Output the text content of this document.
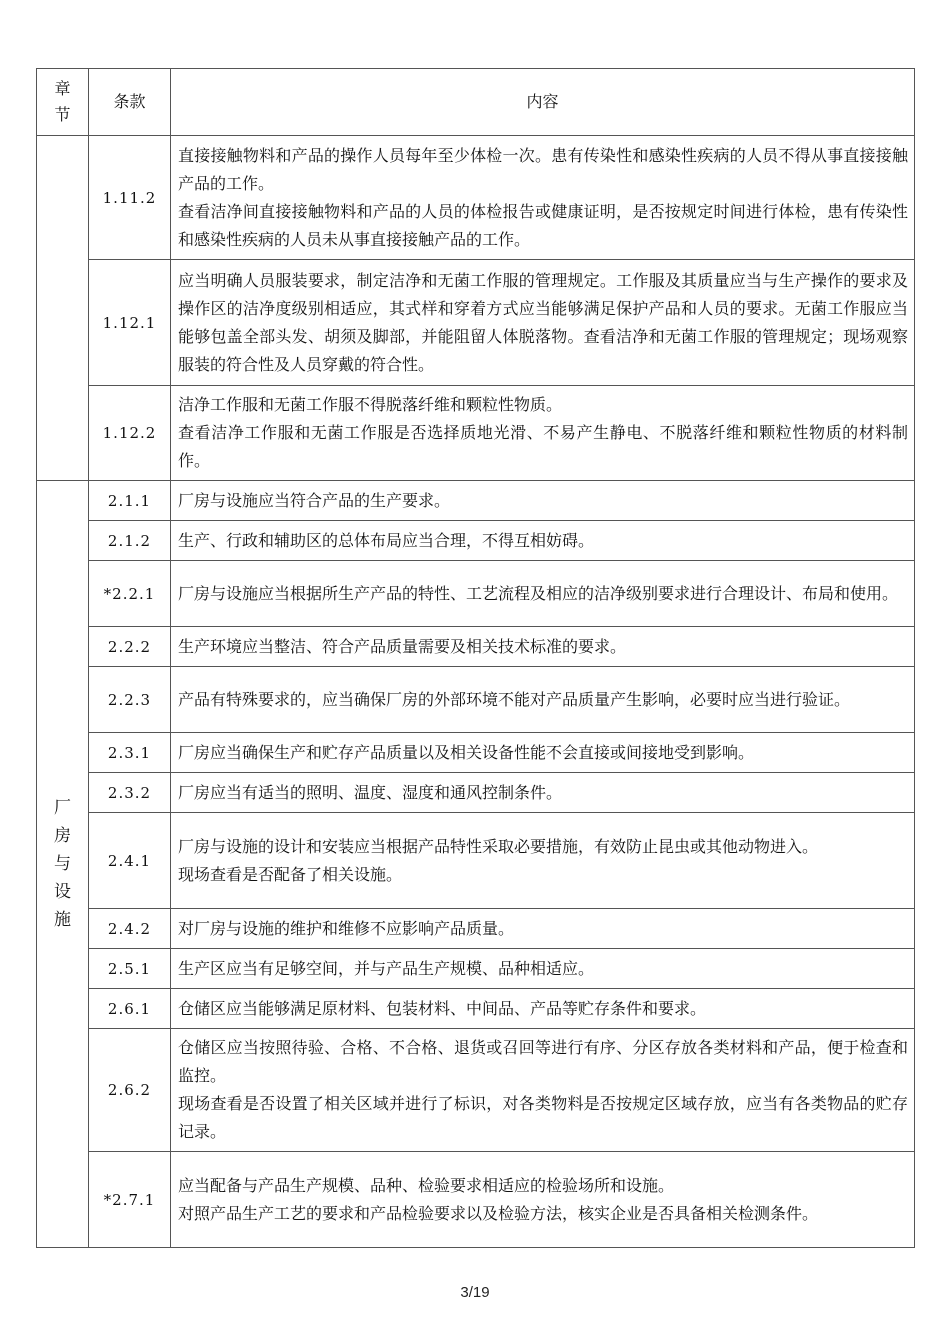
章
节	条款	内容
	1.11.2	直接接触物料和产品的操作人员每年至少体检一次。患有传染性和感染性疾病的人员不得从事直接接触产品的工作。

查看洁净间直接接触物料和产品的人员的体检报告或健康证明，是否按规定时间进行体检，患有传染性和感染性疾病的人员未从事直接接触产品的工作。

	1.12.1	应当明确人员服装要求，制定洁净和无菌工作服的管理规定。工作服及其质量应当与生产操作的要求及操作区的洁净度级别相适应，其式样和穿着方式应当能够满足保护产品和人员的要求。无菌工作服应当能够包盖全部头发、胡须及脚部，并能阻留人体脱落物。查看洁净和无菌工作服的管理规定；现场观察服装的符合性及人员穿戴的符合性。

	1.12.2	洁净工作服和无菌工作服不得脱落纤维和颗粒性物质。

查看洁净工作服和无菌工作服是否选择质地光滑、不易产生静电、不脱落纤维和颗粒性物质的材料制作。

厂
房
与
设
施	2.1.1	厂房与设施应当符合产品的生产要求。

	2.1.2	生产、行政和辅助区的总体布局应当合理，不得互相妨碍。

	*2.2.1	厂房与设施应当根据所生产产品的特性、工艺流程及相应的洁净级别要求进行合理设计、布局和使用。

	2.2.2	生产环境应当整洁、符合产品质量需要及相关技术标准的要求。

	2.2.3	产品有特殊要求的，应当确保厂房的外部环境不能对产品质量产生影响，必要时应当进行验证。

	2.3.1	厂房应当确保生产和贮存产品质量以及相关设备性能不会直接或间接地受到影响。

	2.3.2	厂房应当有适当的照明、温度、湿度和通风控制条件。

	2.4.1	厂房与设施的设计和安装应当根据产品特性采取必要措施，有效防止昆虫或其他动物进入。

现场查看是否配备了相关设施。

	2.4.2	对厂房与设施的维护和维修不应影响产品质量。

	2.5.1	生产区应当有足够空间，并与产品生产规模、品种相适应。

	2.6.1	仓储区应当能够满足原材料、包装材料、中间品、产品等贮存条件和要求。

	2.6.2	仓储区应当按照待验、合格、不合格、退货或召回等进行有序、分区存放各类材料和产品，便于检查和监控。

现场查看是否设置了相关区域并进行了标识，对各类物料是否按规定区域存放，应当有各类物品的贮存记录。

	*2.7.1	应当配备与产品生产规模、品种、检验要求相适应的检验场所和设施。

对照产品生产工艺的要求和产品检验要求以及检验方法，核实企业是否具备相关检测条件。

3/19
